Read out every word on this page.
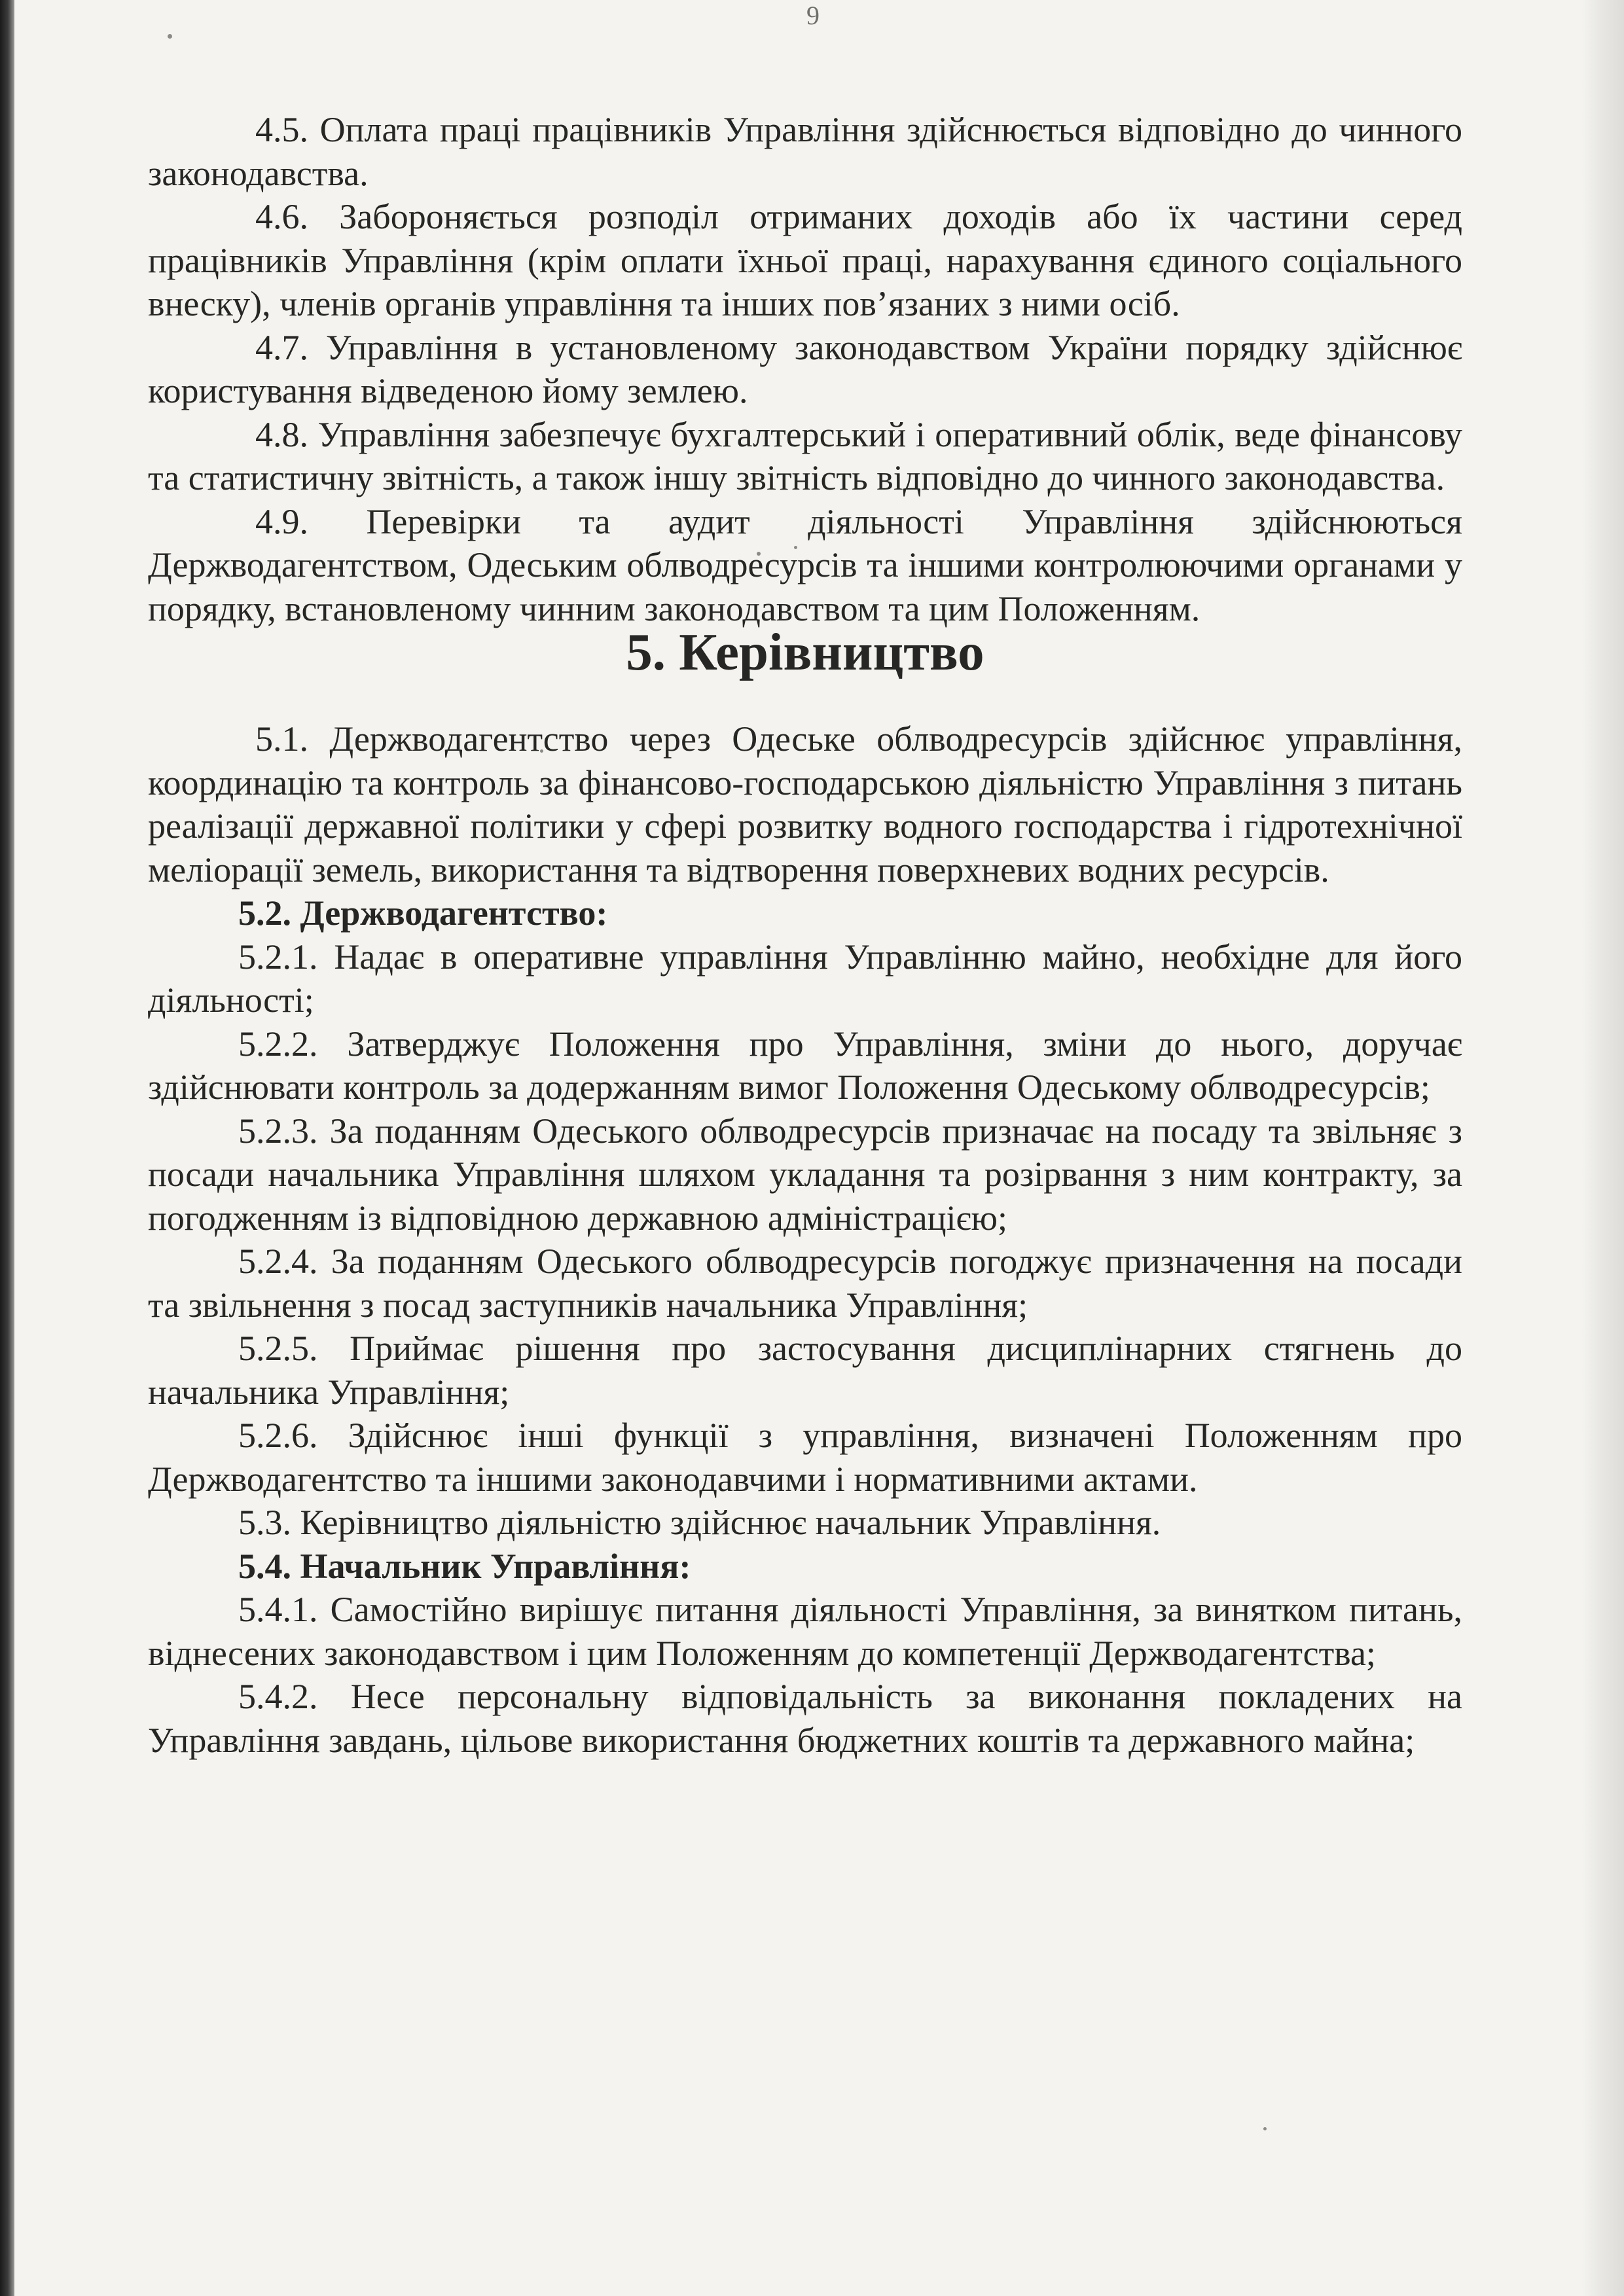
9

4.5. Оплата праці працівників Управління здійснюється відповідно до чинного законодавства.

4.6. Забороняється розподіл отриманих доходів або їх частини серед працівників Управління (крім оплати їхньої праці, нарахування єдиного соціального внеску), членів органів управління та інших пов’язаних з ними осіб.

4.7. Управління в установленому законодавством України порядку здійснює користування відведеною йому землею.

4.8. Управління забезпечує бухгалтерський і оперативний облік, веде фінансову та статистичну звітність, а також іншу звітність відповідно до чинного законодавства.

4.9. Перевірки та аудит діяльності Управління здійснюються Держводагентством, Одеським облводресурсів та іншими контролюючими органами у порядку, встановленому чинним законодавством та цим Положенням.

5. Керівництво

5.1. Держводагентство через Одеське облводресурсів здійснює управління, координацію та контроль за фінансово-господарською діяльністю Управління з питань реалізації державної політики у сфері розвитку водного господарства і гідротехнічної меліорації земель, використання та відтворення поверхневих водних ресурсів.

5.2. Держводагентство:

5.2.1. Надає в оперативне управління Управлінню майно, необхідне для його діяльності;

5.2.2. Затверджує Положення про Управління, зміни до нього, доручає здійснювати контроль за додержанням вимог Положення Одеському облводресурсів;

5.2.3. За поданням Одеського облводресурсів призначає на посаду та звільняє з посади начальника Управління шляхом укладання та розірвання з ним контракту, за погодженням із відповідною державною адміністрацією;

5.2.4. За поданням Одеського облводресурсів погоджує призначення на посади та звільнення з посад заступників начальника Управління;

5.2.5. Приймає рішення про застосування дисциплінарних стягнень до начальника Управління;

5.2.6. Здійснює інші функції з управління, визначені Положенням про Держводагентство та іншими законодавчими і нормативними актами.

5.3. Керівництво діяльністю здійснює начальник Управління.

5.4. Начальник Управління:

5.4.1. Самостійно вирішує питання діяльності Управління, за винятком питань, віднесених законодавством і цим Положенням до компетенції Держводагентства;

5.4.2. Несе персональну відповідальність за виконання покладених на Управління завдань, цільове використання бюджетних коштів та державного майна;
